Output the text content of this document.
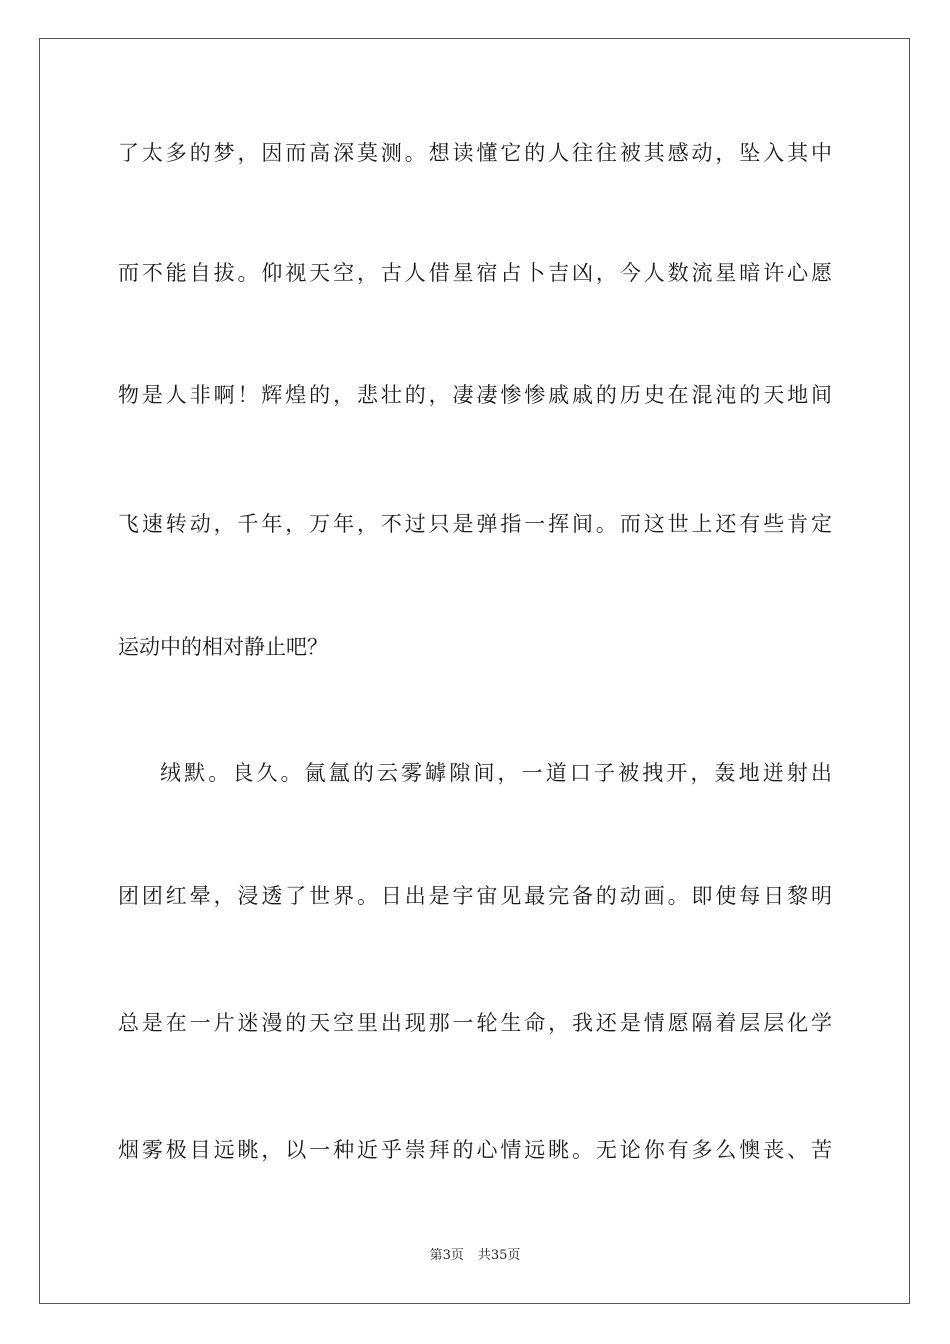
了太多的梦，因而高深莫测。想读懂它的人往往被其感动，坠入其中
而不能自拔。仰视天空，古人借星宿占卜吉凶，今人数流星暗许心愿
物是人非啊！辉煌的，悲壮的，凄凄惨惨戚戚的历史在混沌的天地间
飞速转动，千年，万年，不过只是弹指一挥间。而这世上还有些肯定
运动中的相对静止吧？
绒默。良久。氤氲的云雾罅隙间，一道口子被拽开，轰地迸射出
团团红晕，浸透了世界。日出是宇宙见最完备的动画。即使每日黎明
总是在一片迷漫的天空里出现那一轮生命，我还是情愿隔着层层化学
烟雾极目远眺，以一种近乎崇拜的心情远眺。无论你有多么懊丧、苦
第3页 共35页
